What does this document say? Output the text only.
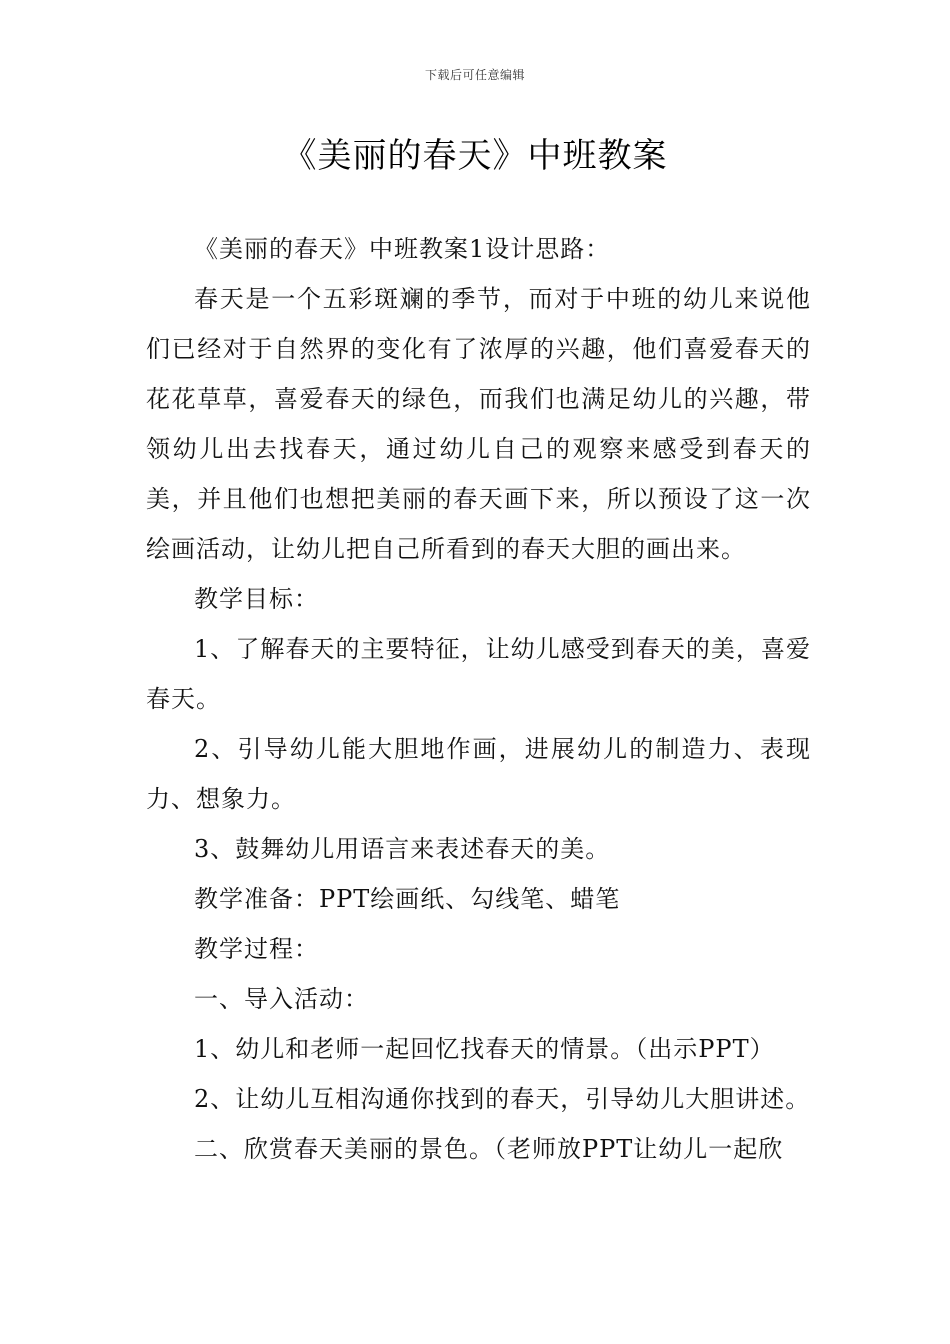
下载后可任意编辑
《美丽的春天》中班教案

《美丽的春天》中班教案1设计思路：

春天是一个五彩斑斓的季节，而对于中班的幼儿来说他们已经对于自然界的变化有了浓厚的兴趣，他们喜爱春天的花花草草，喜爱春天的绿色，而我们也满足幼儿的兴趣，带领幼儿出去找春天，通过幼儿自己的观察来感受到春天的美，并且他们也想把美丽的春天画下来，所以预设了这一次绘画活动，让幼儿把自己所看到的春天大胆的画出来。

教学目标：

1、了解春天的主要特征，让幼儿感受到春天的美，喜爱春天。

2、引导幼儿能大胆地作画，进展幼儿的制造力、表现力、想象力。

3、鼓舞幼儿用语言来表述春天的美。

教学准备：PPT绘画纸、勾线笔、蜡笔

教学过程：

一、导入活动：

1、幼儿和老师一起回忆找春天的情景。（出示PPT）

2、让幼儿互相沟通你找到的春天，引导幼儿大胆讲述。

二、欣赏春天美丽的景色。（老师放PPT让幼儿一起欣
